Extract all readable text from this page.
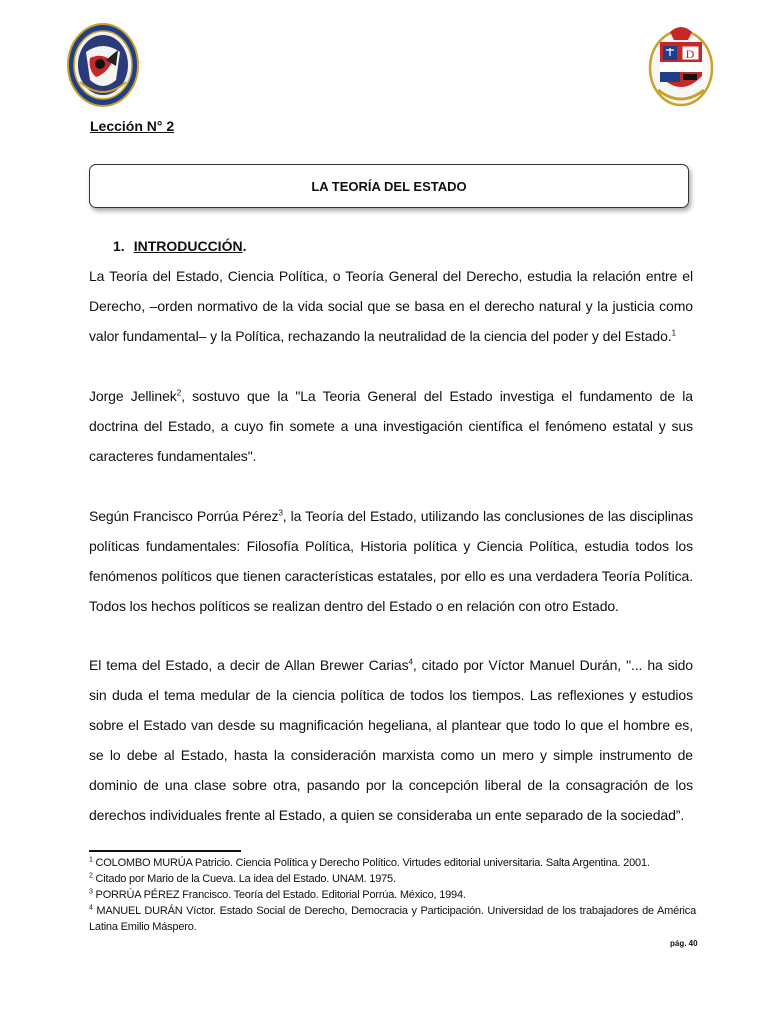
D
Lección N° 2
LA TEORÍA DEL ESTADO
1. INTRODUCCIÓN.
La Teoría del Estado, Ciencia Política, o Teoría General del Derecho, estudia la relación entre el Derecho, –orden normativo de la vida social que se basa en el derecho natural y la justicia como valor fundamental– y la Política, rechazando la neutralidad de la ciencia del poder y del Estado.$^1$
Jorge Jellinek$^2$, sostuvo que la "La Teoria General del Estado investiga el fundamento de la doctrina del Estado, a cuyo fin somete a una investigación científica el fenómeno estatal y sus caracteres fundamentales".
Según Francisco Porrúa Pérez$^3$, la Teoría del Estado, utilizando las conclusiones de las disciplinas políticas fundamentales: Filosofía Política, Historia política y Ciencia Política, estudia todos los fenómenos políticos que tienen características estatales, por ello es una verdadera Teoría Política. Todos los hechos políticos se realizan dentro del Estado o en relación con otro Estado.
El tema del Estado, a decir de Allan Brewer Carias$^4$, citado por Víctor Manuel Durán, "... ha sido sin duda el tema medular de la ciencia política de todos los tiempos. Las reflexiones y estudios sobre el Estado van desde su magnificación hegeliana, al plantear que todo lo que el hombre es, se lo debe al Estado, hasta la consideración marxista como un mero y simple instrumento de dominio de una clase sobre otra, pasando por la concepción liberal de la consagración de los derechos individuales frente al Estado, a quien se consideraba un ente separado de la sociedad”.
$^1$ COLOMBO MURÚA Patricio. Ciencia Política y Derecho Político. Virtudes editorial universitaria. Salta Argentina. 2001.
$^2$ Citado por Mario de la Cueva. La idea del Estado. UNAM. 1975.
$^3$ PORRÚA PÉREZ Francisco. Teoría del Estado. Editorial Porrúa. México, 1994.
$^4$ MANUEL DURÁN Víctor. Estado Social de Derecho, Democracia y Participación. Universidad de los trabajadores de América Latina Emilio Máspero.
pág. 40
